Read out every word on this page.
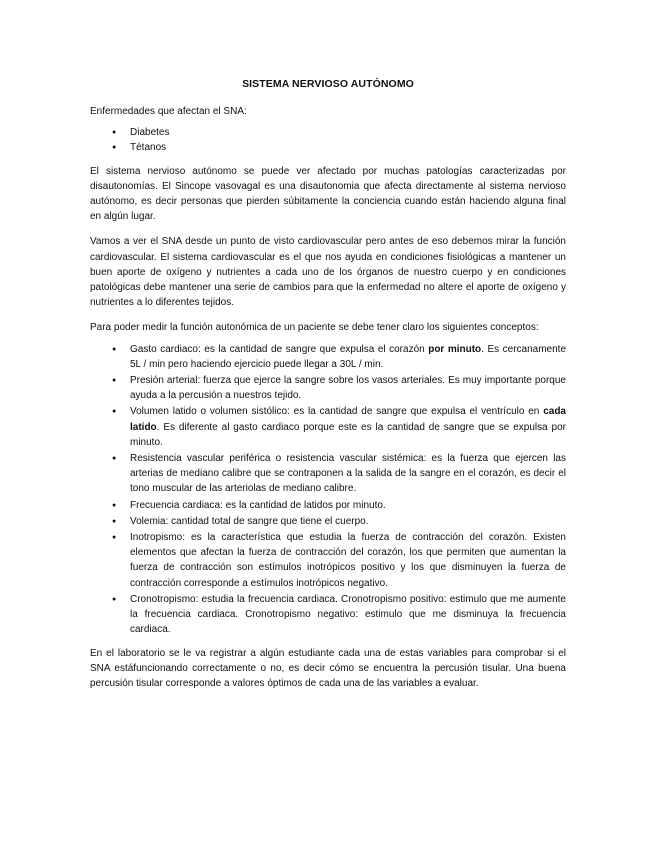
SISTEMA NERVIOSO AUTÓNOMO

Enfermedades que afectan el SNA:

● Diabetes
● Tétanos

El sistema nervioso autónomo se puede ver afectado por muchas patologías caracterizadas por disautonomías. El Sincope vasovagal es una disautonomia que afecta directamente al sistema nervioso autónomo, es decir personas que pierden súbitamente la conciencia cuando están haciendo alguna final en algún lugar.

Vamos a ver el SNA desde un punto de visto cardiovascular pero antes de eso debemos mirar la función cardiovascular. El sistema cardiovascular es el que nos ayuda en condiciones fisiológicas a mantener un buen aporte de oxígeno y nutrientes a cada uno de los órganos de nuestro cuerpo y en condiciones patológicas debe mantener una serie de cambios para que la enfermedad no altere el aporte de oxígeno y nutrientes a lo diferentes tejidos.

Para poder medir la función autonómica de un paciente se debe tener claro los siguientes conceptos:

● Gasto cardiaco: es la cantidad de sangre que expulsa el corazón por minuto. Es cercanamente 5L / min pero haciendo ejercicio puede llegar a 30L / min.
● Presión arterial: fuerza que ejerce la sangre sobre los vasos arteriales. Es muy importante porque ayuda a la percusión a nuestros tejido.
● Volumen latido o volumen sistólico: es la cantidad de sangre que expulsa el ventrículo en cada latido. Es diferente al gasto cardiaco porque este es la cantidad de sangre que se expulsa por minuto.
● Resistencia vascular periférica o resistencia vascular sistémica: es la fuerza que ejercen las arterias de mediano calibre que se contraponen a la salida de la sangre en el corazón, es decir el tono muscular de las arteriolas de mediano calibre.
● Frecuencia cardiaca: es la cantidad de latidos por minuto.
● Volemia: cantidad total de sangre que tiene el cuerpo.
● Inotropismo: es la característica que estudia la fuerza de contracción del corazón. Existen elementos que afectan la fuerza de contracción del corazón, los que permiten que aumentan la fuerza de contracción son estímulos inotrópicos positivo y los que disminuyen la fuerza de contracción corresponde a estímulos inotrópicos negativo.
● Cronotropismo: estudia la frecuencia cardiaca. Cronotropismo positivo: estimulo que me aumente la frecuencia cardiaca. Cronotropismo negativo: estimulo que me disminuya la frecuencia cardiaca.

En el laboratorio se le va registrar a algún estudiante cada una de estas variables para comprobar si el SNA estáfuncionando correctamente o no, es decir cómo se encuentra la percusión tisular. Una buena percusión tisular corresponde a valores óptimos de cada una de las variables a evaluar.
